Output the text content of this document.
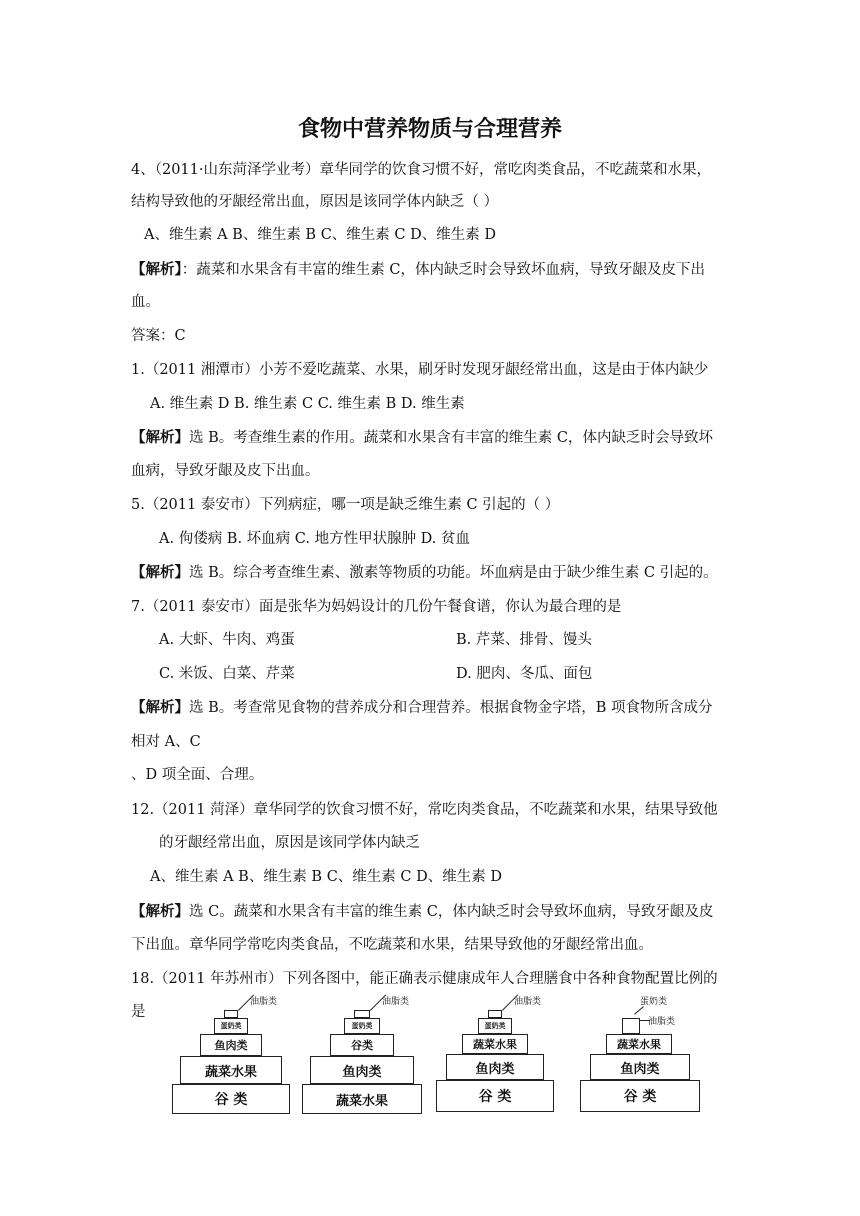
食物中营养物质与合理营养
4、（2011·山东菏泽学业考）章华同学的饮食习惯不好，常吃肉类食品，不吃蔬菜和水果，
结构导致他的牙龈经常出血，原因是该同学体内缺乏（ ）
A、维生素 A B、维生素 B C、维生素 C D、维生素 D
【解析】：蔬菜和水果含有丰富的维生素 C，体内缺乏时会导致坏血病，导致牙龈及皮下出
血。
答案：C
1.（2011 湘潭市）小芳不爱吃蔬菜、水果，刷牙时发现牙龈经常出血，这是由于体内缺少
A. 维生素 D B. 维生素 C C. 维生素 B D. 维生素
【解析】选 B。考查维生素的作用。蔬菜和水果含有丰富的维生素 C，体内缺乏时会导致坏
血病，导致牙龈及皮下出血。
5.（2011 泰安市）下列病症，哪一项是缺乏维生素 C 引起的（ ）
A. 佝偻病 B. 坏血病 C. 地方性甲状腺肿 D. 贫血
【解析】选 B。综合考查维生素、激素等物质的功能。坏血病是由于缺少维生素 C 引起的。
7.（2011 泰安市）面是张华为妈妈设计的几份午餐食谱，你认为最合理的是
A. 大虾、牛肉、鸡蛋	B. 芹菜、排骨、馒头
C. 米饭、白菜、芹菜	D. 肥肉、冬瓜、面包
【解析】选 B。考查常见食物的营养成分和合理营养。根据食物金字塔，B 项食物所含成分
相对 A、C
、D 项全面、合理。
12.（2011 菏泽）章华同学的饮食习惯不好，常吃肉类食品，不吃蔬菜和水果，结果导致他
的牙龈经常出血，原因是该同学体内缺乏
A、维生素 A B、维生素 B C、维生素 C D、维生素 D
【解析】选 C。蔬菜和水果含有丰富的维生素 C，体内缺乏时会导致坏血病，导致牙龈及皮
下出血。章华同学常吃肉类食品，不吃蔬菜和水果，结果导致他的牙龈经常出血。
18.（2011 年苏州市）下列各图中，能正确表示健康成年人合理膳食中各种食物配置比例的
是
谷 类
蔬菜水果
鱼肉类
蛋奶类
油脂类
蔬菜水果
鱼肉类
谷类
蛋奶类
油脂类
谷 类
鱼肉类
蔬菜水果
蛋奶类
油脂类
谷 类
鱼肉类
蔬菜水果
油脂类
蛋奶类
